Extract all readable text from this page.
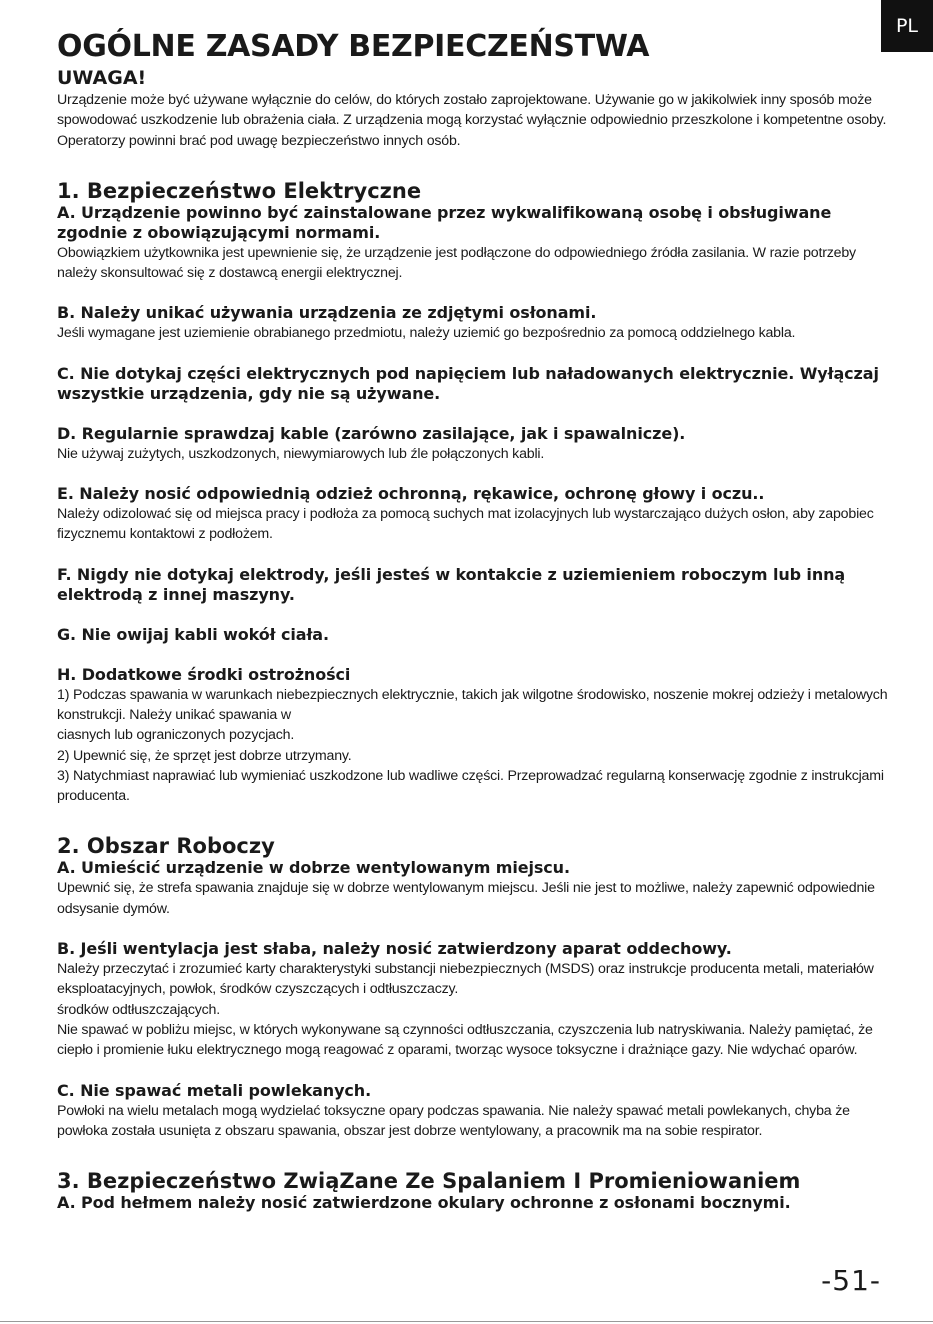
PL
OGÓLNE ZASADY BEZPIECZEŃSTWA
UWAGA!

Urządzenie może być używane wyłącznie do celów, do których zostało zaprojektowane. Używanie go w jakikolwiek inny sposób może spowodować uszkodzenie lub obrażenia ciała. Z urządzenia mogą korzystać wyłącznie odpowiednio przeszkolone i kompetentne osoby. Operatorzy powinni brać pod uwagę bezpieczeństwo innych osób.

1. Bezpieczeństwo Elektryczne
A. Urządzenie powinno być zainstalowane przez wykwalifikowaną osobę i obsługiwane zgodnie z obowiązującymi normami.

Obowiązkiem użytkownika jest upewnienie się, że urządzenie jest podłączone do odpowiedniego źródła zasilania. W razie potrzeby należy skonsultować się z dostawcą energii elektrycznej.

B. Należy unikać używania urządzenia ze zdjętymi osłonami.

Jeśli wymagane jest uziemienie obrabianego przedmiotu, należy uziemić go bezpośrednio za pomocą oddzielnego kabla.

C. Nie dotykaj części elektrycznych pod napięciem lub naładowanych elektrycznie. Wyłączaj wszystkie urządzenia, gdy nie są używane.
D. Regularnie sprawdzaj kable (zarówno zasilające, jak i spawalnicze).

Nie używaj zużytych, uszkodzonych, niewymiarowych lub źle połączonych kabli.

E. Należy nosić odpowiednią odzież ochronną, rękawice, ochronę głowy i oczu..

Należy odizolować się od miejsca pracy i podłoża za pomocą suchych mat izolacyjnych lub wystarczająco dużych osłon, aby zapobiec fizycznemu kontaktowi z podłożem.

F. Nigdy nie dotykaj elektrody, jeśli jesteś w kontakcie z uziemieniem roboczym lub inną elektrodą z innej maszyny.
G. Nie owijaj kabli wokół ciała.
H. Dodatkowe środki ostrożności

1) Podczas spawania w warunkach niebezpiecznych elektrycznie, takich jak wilgotne środowisko, noszenie mokrej odzieży i metalowych konstrukcji. Należy unikać spawania w

ciasnych lub ograniczonych pozycjach.

2) Upewnić się, że sprzęt jest dobrze utrzymany.

3) Natychmiast naprawiać lub wymieniać uszkodzone lub wadliwe części. Przeprowadzać regularną konserwację zgodnie z instrukcjami producenta.

2. Obszar Roboczy
A. Umieścić urządzenie w dobrze wentylowanym miejscu.

Upewnić się, że strefa spawania znajduje się w dobrze wentylowanym miejscu. Jeśli nie jest to możliwe, należy zapewnić odpowiednie odsysanie dymów.

B. Jeśli wentylacja jest słaba, należy nosić zatwierdzony aparat oddechowy.

Należy przeczytać i zrozumieć karty charakterystyki substancji niebezpiecznych (MSDS) oraz instrukcje producenta metali, materiałów eksploatacyjnych, powłok, środków czyszczących i odtłuszczaczy.

środków odtłuszczających.

Nie spawać w pobliżu miejsc, w których wykonywane są czynności odtłuszczania, czyszczenia lub natryskiwania. Należy pamiętać, że ciepło i promienie łuku elektrycznego mogą reagować z oparami, tworząc wysoce toksyczne i drażniące gazy. Nie wdychać oparów.

C. Nie spawać metali powlekanych.

Powłoki na wielu metalach mogą wydzielać toksyczne opary podczas spawania. Nie należy spawać metali powlekanych, chyba że powłoka została usunięta z obszaru spawania, obszar jest dobrze wentylowany, a pracownik ma na sobie respirator.

3. Bezpieczeństwo ZwiąZane Ze Spalaniem I Promieniowaniem
A. Pod hełmem należy nosić zatwierdzone okulary ochronne z osłonami bocznymi.
-51-
